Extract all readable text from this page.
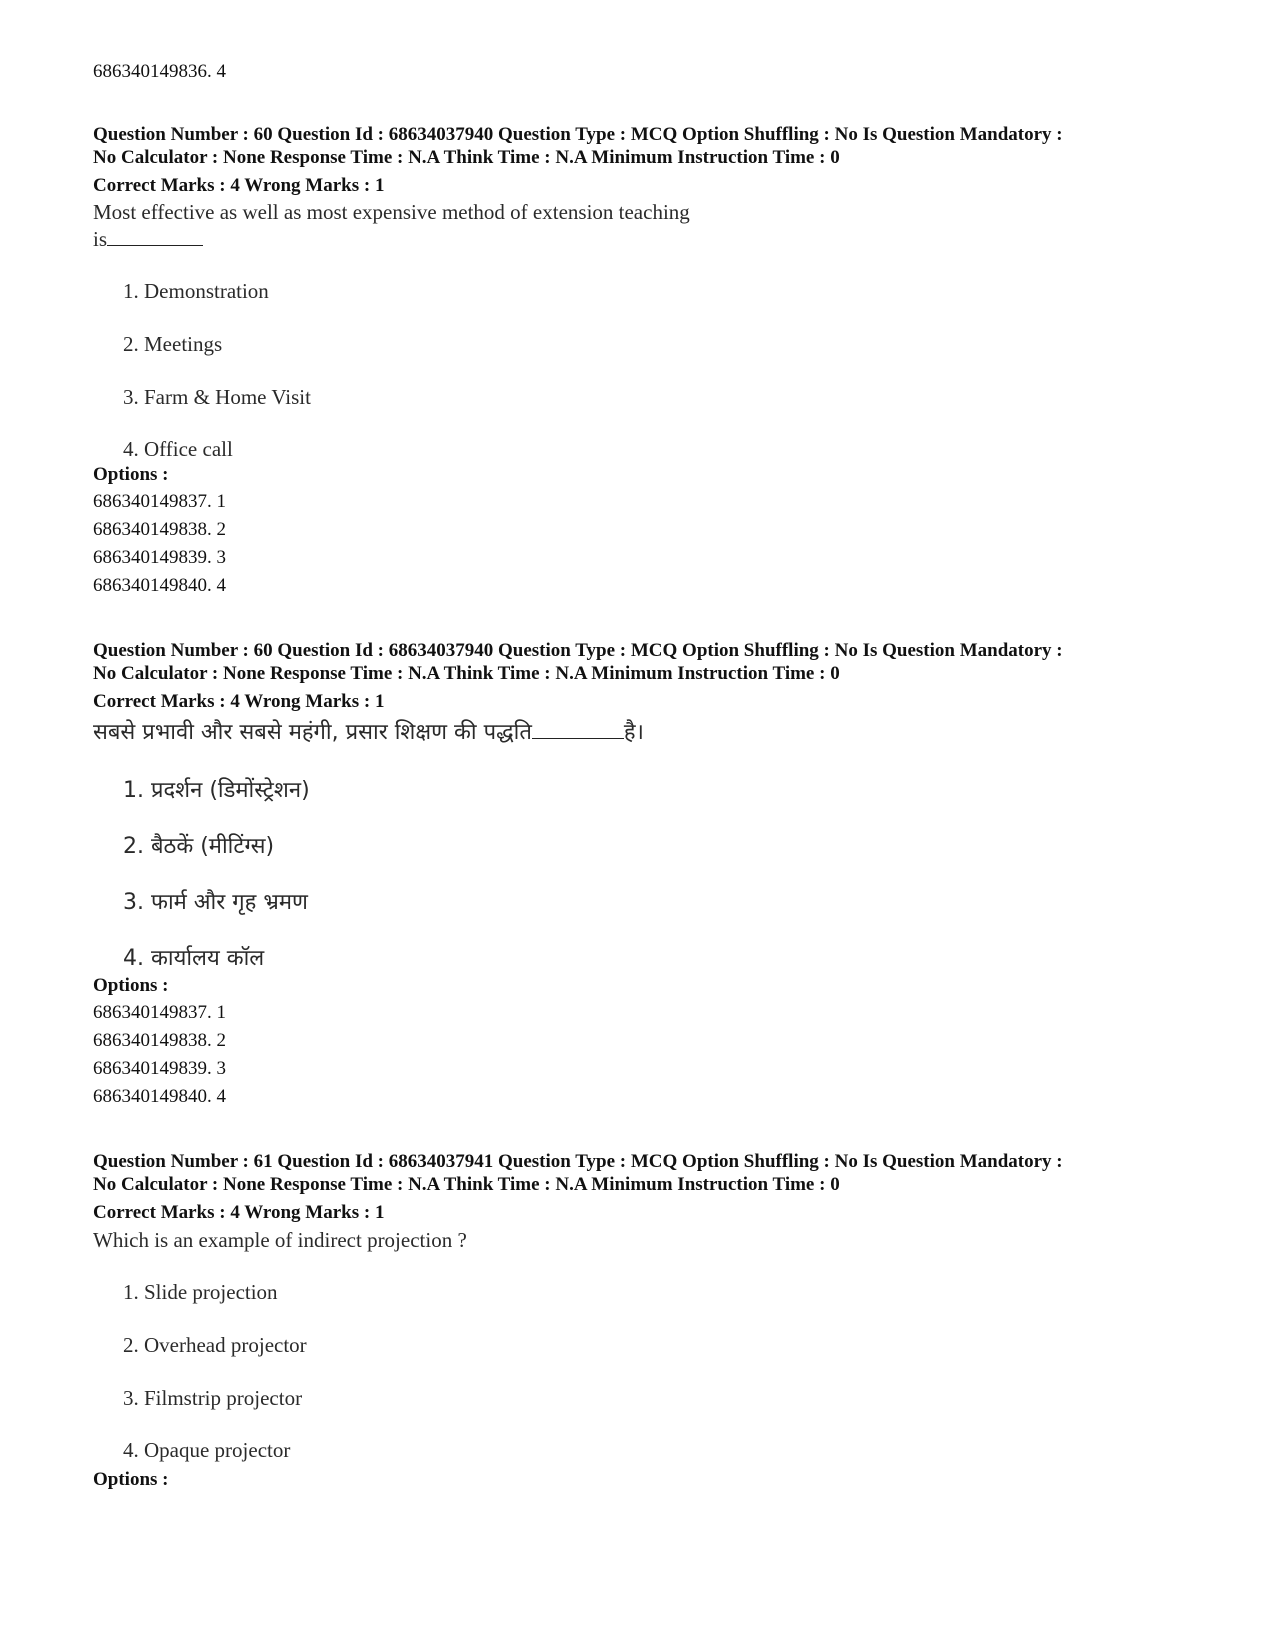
686340149836. 4
Question Number : 60 Question Id : 68634037940 Question Type : MCQ Option Shuffling : No Is Question Mandatory :
No Calculator : None Response Time : N.A Think Time : N.A Minimum Instruction Time : 0
Correct Marks : 4 Wrong Marks : 1
Most effective as well as most expensive method of extension teaching
is
1. Demonstration
2. Meetings
3. Farm & Home Visit
4. Office call
Options :
686340149837. 1
686340149838. 2
686340149839. 3
686340149840. 4
Question Number : 60 Question Id : 68634037940 Question Type : MCQ Option Shuffling : No Is Question Mandatory :
No Calculator : None Response Time : N.A Think Time : N.A Minimum Instruction Time : 0
Correct Marks : 4 Wrong Marks : 1
सबसे प्रभावी और सबसे महंगी, प्रसार शिक्षण की पद्धति	है।
1. प्रदर्शन (डिमोंस्ट्रेशन)
2. बैठकें (मीटिंग्स)
3. फार्म और गृह भ्रमण
4. कार्यालय कॉल
Options :
686340149837. 1
686340149838. 2
686340149839. 3
686340149840. 4
Question Number : 61 Question Id : 68634037941 Question Type : MCQ Option Shuffling : No Is Question Mandatory :
No Calculator : None Response Time : N.A Think Time : N.A Minimum Instruction Time : 0
Correct Marks : 4 Wrong Marks : 1
Which is an example of indirect projection ?
1. Slide projection
2. Overhead projector
3. Filmstrip projector
4. Opaque projector
Options :
